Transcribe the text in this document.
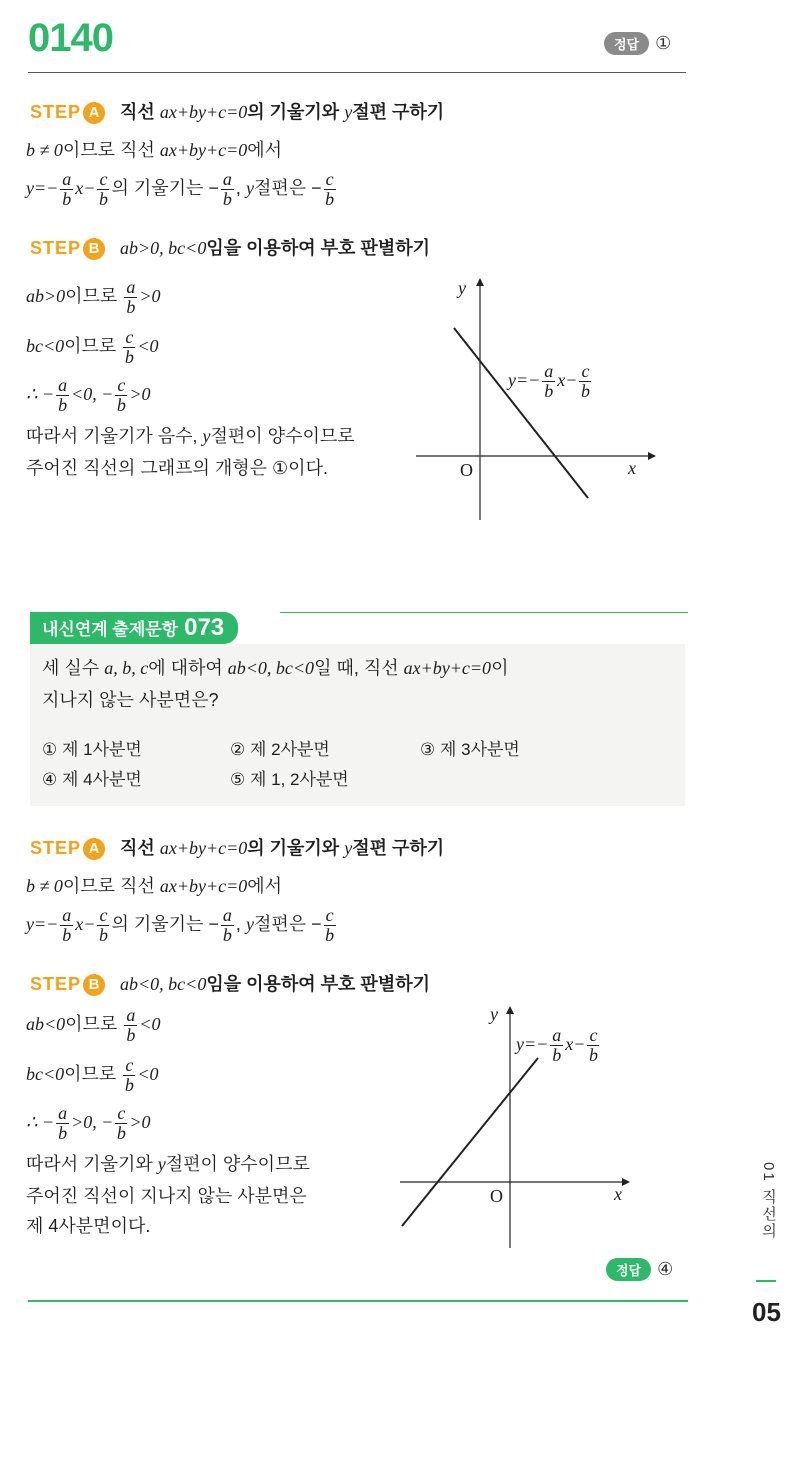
0140	정답 ①
STEP A 직선 ax+by+c=0의 기울기와 y절편 구하기
b ≠ 0이므로 직선 ax+by+c=0에서
$y=- \frac{a}{b} x- \frac{c}{b}$ 의 기울기는 − $\frac{a}{b}$ , y절편은 − $\frac{c}{b}$
STEP B ab>0, bc<0임을 이용하여 부호 판별하기
ab>0이므로 $\frac{a}{b} >0$
bc<0이므로 $\frac{c}{b} <0$
∴ − $\frac{a}{b} <0$, − $\frac{c}{b} >0$
따라서 기울기가 음수, y절편이 양수이므로
주어진 직선의 그래프의 개형은 ①이다.
y
x
O
$y=- \frac{a}{b} x- \frac{c}{b}$
내신연계 출제문항 073
세 실수 a, b, c에 대하여 ab<0, bc<0일 때, 직선 ax+by+c=0이
지나지 않는 사분면은?
① 제 1사분면	② 제 2사분면	③ 제 3사분면
④ 제 4사분면	⑤ 제 1, 2사분면
STEP A 직선 ax+by+c=0의 기울기와 y절편 구하기
b ≠ 0이므로 직선 ax+by+c=0에서
$y=- \frac{a}{b} x- \frac{c}{b}$ 의 기울기는 − $\frac{a}{b}$ , y절편은 − $\frac{c}{b}$
STEP B ab<0, bc<0임을 이용하여 부호 판별하기
ab<0이므로 $\frac{a}{b} <0$
bc<0이므로 $\frac{c}{b} <0$
∴ − $\frac{a}{b} >0$, − $\frac{c}{b} >0$
따라서 기울기와 y절편이 양수이므로
주어진 직선이 지나지 않는 사분면은
제 4사분면이다.
y
x
O
$y=- \frac{a}{b} x- \frac{c}{b}$
정답 ④
01 직선의
05
